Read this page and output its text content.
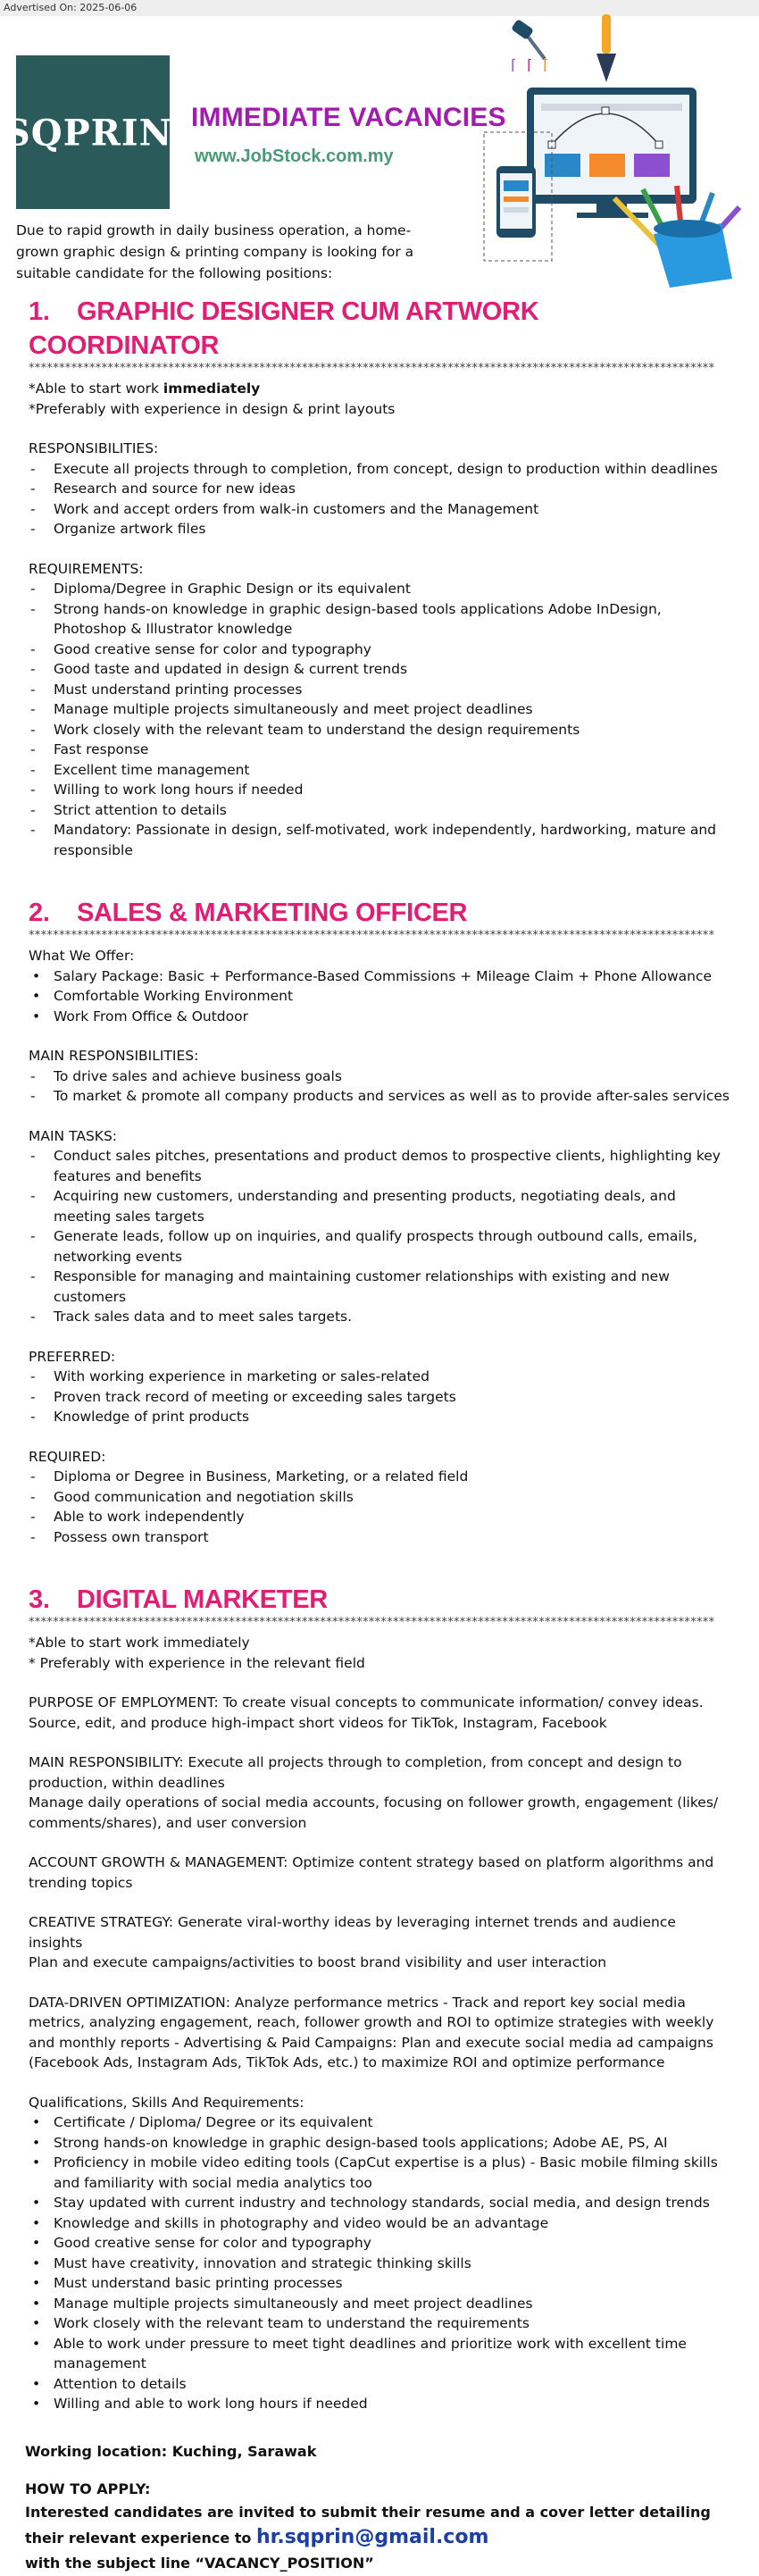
Advertised On: 2025-06-06
SQPRIN™ IMMEDIATE VACANCIES
www.JobStock.com.my
⌈ ⌈ ⌈
Due to rapid growth in daily business operation, a home-grown graphic design & printing company is looking for a suitable candidate for the following positions:
1. GRAPHIC DESIGNER CUM ARTWORK COORDINATOR
*****************************************************************************************************************
*Able to start work immediately
*Preferably with experience in design & print layouts
RESPONSIBILITIES:
- Execute all projects through to completion, from concept, design to production within deadlines
- Research and source for new ideas
- Work and accept orders from walk-in customers and the Management
- Organize artwork files
REQUIREMENTS:
- Diploma/Degree in Graphic Design or its equivalent
- Strong hands-on knowledge in graphic design-based tools applications Adobe InDesign, Photoshop & Illustrator knowledge
- Good creative sense for color and typography
- Good taste and updated in design & current trends
- Must understand printing processes
- Manage multiple projects simultaneously and meet project deadlines
- Work closely with the relevant team to understand the design requirements
- Fast response
- Excellent time management
- Willing to work long hours if needed
- Strict attention to details
- Mandatory: Passionate in design, self-motivated, work independently, hardworking, mature and responsible
2. SALES & MARKETING OFFICER
*****************************************************************************************************************
What We Offer:
• Salary Package: Basic + Performance-Based Commissions + Mileage Claim + Phone Allowance
• Comfortable Working Environment
• Work From Office & Outdoor
MAIN RESPONSIBILITIES:
- To drive sales and achieve business goals
- To market & promote all company products and services as well as to provide after-sales services
MAIN TASKS:
- Conduct sales pitches, presentations and product demos to prospective clients, highlighting key features and benefits
- Acquiring new customers, understanding and presenting products, negotiating deals, and meeting sales targets
- Generate leads, follow up on inquiries, and qualify prospects through outbound calls, emails, networking events
- Responsible for managing and maintaining customer relationships with existing and new customers
- Track sales data and to meet sales targets.
PREFERRED:
- With working experience in marketing or sales-related
- Proven track record of meeting or exceeding sales targets
- Knowledge of print products
REQUIRED:
- Diploma or Degree in Business, Marketing, or a related field
- Good communication and negotiation skills
- Able to work independently
- Possess own transport
3. DIGITAL MARKETER
*****************************************************************************************************************
*Able to start work immediately
* Preferably with experience in the relevant field
PURPOSE OF EMPLOYMENT: To create visual concepts to communicate information/ convey ideas. Source, edit, and produce high-impact short videos for TikTok, Instagram, Facebook
MAIN RESPONSIBILITY: Execute all projects through to completion, from concept and design to production, within deadlines
Manage daily operations of social media accounts, focusing on follower growth, engagement (likes/ comments/shares), and user conversion
ACCOUNT GROWTH & MANAGEMENT: Optimize content strategy based on platform algorithms and trending topics
CREATIVE STRATEGY: Generate viral-worthy ideas by leveraging internet trends and audience insights
Plan and execute campaigns/activities to boost brand visibility and user interaction
DATA-DRIVEN OPTIMIZATION: Analyze performance metrics - Track and report key social media metrics, analyzing engagement, reach, follower growth and ROI to optimize strategies with weekly and monthly reports - Advertising & Paid Campaigns: Plan and execute social media ad campaigns (Facebook Ads, Instagram Ads, TikTok Ads, etc.) to maximize ROI and optimize performance
Qualifications, Skills And Requirements:
• Certificate / Diploma/ Degree or its equivalent
• Strong hands-on knowledge in graphic design-based tools applications; Adobe AE, PS, AI
• Proficiency in mobile video editing tools (CapCut expertise is a plus) - Basic mobile filming skills and familiarity with social media analytics too
• Stay updated with current industry and technology standards, social media, and design trends
• Knowledge and skills in photography and video would be an advantage
• Good creative sense for color and typography
• Must have creativity, innovation and strategic thinking skills
• Must understand basic printing processes
• Manage multiple projects simultaneously and meet project deadlines
• Work closely with the relevant team to understand the requirements
• Able to work under pressure to meet tight deadlines and prioritize work with excellent time management
• Attention to details
• Willing and able to work long hours if needed
Working location: Kuching, Sarawak
HOW TO APPLY:
Interested candidates are invited to submit their resume and a cover letter detailing their relevant experience to hr.sqprin@gmail.com
with the subject line “VACANCY_POSITION”
